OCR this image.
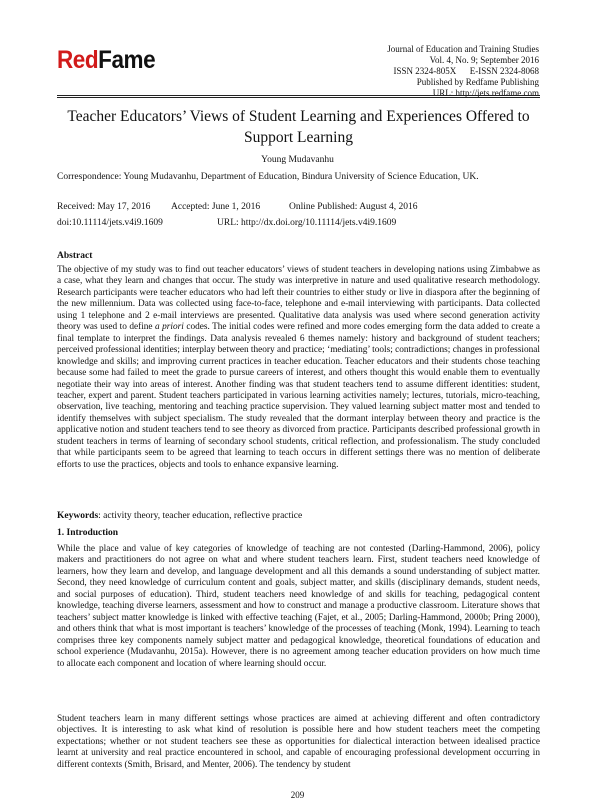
RedFame	Journal of Education and Training Studies
Vol. 4, No. 9; September 2016
ISSN 2324-805X      E-ISSN 2324-8068
Published by Redfame Publishing
URL: http://jets.redfame.com
Teacher Educators’ Views of Student Learning and Experiences Offered to Support Learning
Young Mudavanhu
Correspondence: Young Mudavanhu, Department of Education, Bindura University of Science Education, UK.
Received: May 17, 2016 Accepted: June 1, 2016	Online Published: August 4, 2016
doi:10.11114/jets.v4i9.1609	URL: http://dx.doi.org/10.11114/jets.v4i9.1609
Abstract

The objective of my study was to find out teacher educators’ views of student teachers in developing nations using Zimbabwe as a case, what they learn and changes that occur. The study was interpretive in nature and used qualitative research methodology. Research participants were teacher educators who had left their countries to either study or live in diaspora after the beginning of the new millennium. Data was collected using face-to-face, telephone and e-mail interviewing with participants. Data collected using 1 telephone and 2 e-mail interviews are presented. Qualitative data analysis was used where second generation activity theory was used to define a priori codes. The initial codes were refined and more codes emerging form the data added to create a final template to interpret the findings. Data analysis revealed 6 themes namely: history and background of student teachers; perceived professional identities; interplay between theory and practice; ‘mediating’ tools; contradictions; changes in professional knowledge and skills; and improving current practices in teacher education. Teacher educators and their students chose teaching because some had failed to meet the grade to pursue careers of interest, and others thought this would enable them to eventually negotiate their way into areas of interest. Another finding was that student teachers tend to assume different identities: student, teacher, expert and parent. Student teachers participated in various learning activities namely; lectures, tutorials, micro-teaching, observation, live teaching, mentoring and teaching practice supervision. They valued learning subject matter most and tended to identify themselves with subject specialism. The study revealed that the dormant interplay between theory and practice is the applicative notion and student teachers tend to see theory as divorced from practice. Participants described professional growth in student teachers in terms of learning of secondary school students, critical reflection, and professionalism. The study concluded that while participants seem to be agreed that learning to teach occurs in different settings there was no mention of deliberate efforts to use the practices, objects and tools to enhance expansive learning.

Keywords: activity theory, teacher education, reflective practice
1. Introduction

While the place and value of key categories of knowledge of teaching are not contested (Darling-Hammond, 2006), policy makers and practitioners do not agree on what and where student teachers learn. First, student teachers need knowledge of learners, how they learn and develop, and language development and all this demands a sound understanding of subject matter. Second, they need knowledge of curriculum content and goals, subject matter, and skills (disciplinary demands, student needs, and social purposes of education). Third, student teachers need knowledge of and skills for teaching, pedagogical content knowledge, teaching diverse learners, assessment and how to construct and manage a productive classroom. Literature shows that teachers’ subject matter knowledge is linked with effective teaching (Fajet, et al., 2005; Darling-Hammond, 2000b; Pring 2000), and others think that what is most important is teachers’ knowledge of the processes of teaching (Monk, 1994). Learning to teach comprises three key components namely subject matter and pedagogical knowledge, theoretical foundations of education and school experience (Mudavanhu, 2015a). However, there is no agreement among teacher education providers on how much time to allocate each component and location of where learning should occur.

Student teachers learn in many different settings whose practices are aimed at achieving different and often contradictory objectives. It is interesting to ask what kind of resolution is possible here and how student teachers meet the competing expectations; whether or not student teachers see these as opportunities for dialectical interaction between idealised practice learnt at university and real practice encountered in school, and capable of encouraging professional development occurring in different contexts (Smith, Brisard, and Menter, 2006). The tendency by student

209
